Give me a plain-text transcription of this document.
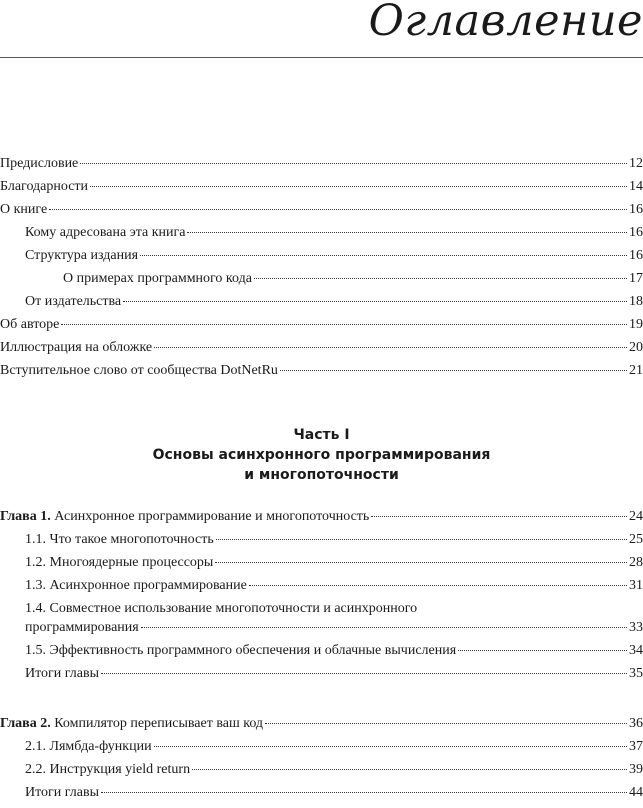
Оглавление
Предисловие	12
Благодарности	14
О книге	16
Кому адресована эта книга	16
Структура издания	16
О примерах программного кода	17
От издательства	18
Об авторе	19
Иллюстрация на обложке	20
Вступительное слово от сообщества DotNetRu	21
Часть I
Основы асинхронного программирования
и многопоточности
Глава 1. Асинхронное программирование и многопоточность	24
1.1. Что такое многопоточность	25
1.2. Многоядерные процессоры	28
1.3. Асинхронное программирование	31
1.4. Совместное использование многопоточности и асинхронного
программирования	33
1.5. Эффективность программного обеспечения и облачные вычисления	34
Итоги главы	35
Глава 2. Компилятор переписывает ваш код	36
2.1. Лямбда-функции	37
2.2. Инструкция yield return	39
Итоги главы	44
